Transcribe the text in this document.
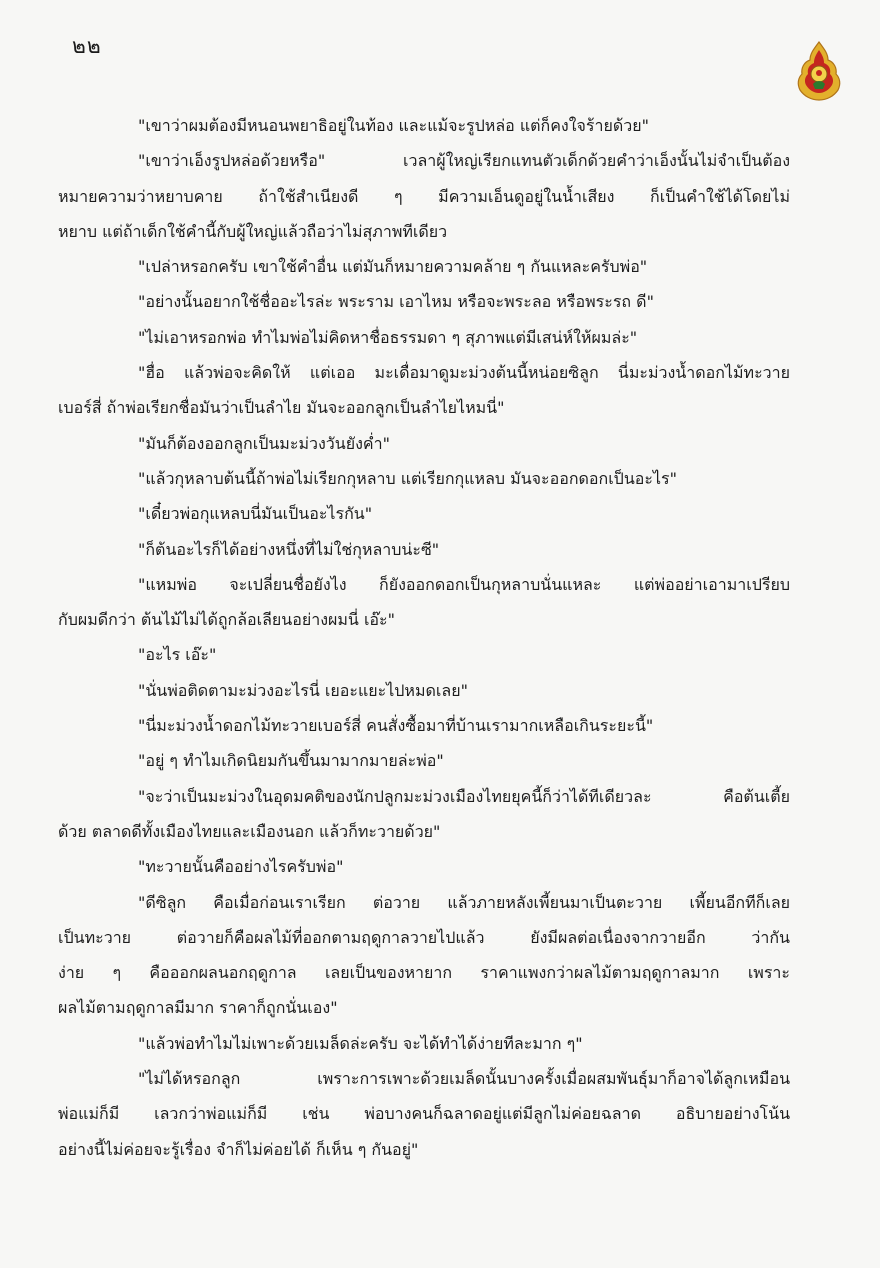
๒๒
"เขาว่าผมต้องมีหนอนพยาธิอยู่ในท้อง และแม้จะรูปหล่อ แต่ก็คงใจร้ายด้วย"
"เขาว่าเอ็งรูปหล่อด้วยหรือ" เวลาผู้ใหญ่เรียกแทนตัวเด็กด้วยคำว่าเอ็งนั้นไม่จำเป็นต้อง
หมายความว่าหยาบคาย ถ้าใช้สำเนียงดี ๆ มีความเอ็นดูอยู่ในน้ำเสียง ก็เป็นคำใช้ได้โดยไม่
หยาบ แต่ถ้าเด็กใช้คำนี้กับผู้ใหญ่แล้วถือว่าไม่สุภาพทีเดียว
"เปล่าหรอกครับ เขาใช้คำอื่น แต่มันก็หมายความคล้าย ๆ กันแหละครับพ่อ"
"อย่างนั้นอยากใช้ชื่ออะไรล่ะ พระราม เอาไหม หรือจะพระลอ หรือพระรถ ดี"
"ไม่เอาหรอกพ่อ ทำไมพ่อไม่คิดหาชื่อธรรมดา ๆ สุภาพแต่มีเสน่ห์ให้ผมล่ะ"
"ฮื่อ แล้วพ่อจะคิดให้ แต่เออ มะเดื่อมาดูมะม่วงต้นนี้หน่อยซิลูก นี่มะม่วงน้ำดอกไม้ทะวาย
เบอร์สี่ ถ้าพ่อเรียกชื่อมันว่าเป็นลำไย มันจะออกลูกเป็นลำไยไหมนี่"
"มันก็ต้องออกลูกเป็นมะม่วงวันยังค่ำ"
"แล้วกุหลาบต้นนี้ถ้าพ่อไม่เรียกกุหลาบ แต่เรียกกุแหลบ มันจะออกดอกเป็นอะไร"
"เดี๋ยวพ่อกุแหลบนี่มันเป็นอะไรกัน"
"ก็ต้นอะไรก็ได้อย่างหนึ่งที่ไม่ใช่กุหลาบน่ะซี"
"แหมพ่อ จะเปลี่ยนชื่อยังไง ก็ยังออกดอกเป็นกุหลาบนั่นแหละ แต่พ่ออย่าเอามาเปรียบ
กับผมดีกว่า ต้นไม้ไม่ได้ถูกล้อเลียนอย่างผมนี่ เอ๊ะ"
"อะไร เอ๊ะ"
"นั่นพ่อติดตามะม่วงอะไรนี่ เยอะแยะไปหมดเลย"
"นี่มะม่วงน้ำดอกไม้ทะวายเบอร์สี่ คนสั่งซื้อมาที่บ้านเรามากเหลือเกินระยะนี้"
"อยู่ ๆ ทำไมเกิดนิยมกันขึ้นมามากมายล่ะพ่อ"
"จะว่าเป็นมะม่วงในอุดมคติของนักปลูกมะม่วงเมืองไทยยุคนี้ก็ว่าได้ทีเดียวละ คือต้นเตี้ย
ด้วย ตลาดดีทั้งเมืองไทยและเมืองนอก แล้วก็ทะวายด้วย"
"ทะวายนั้นคืออย่างไรครับพ่อ"
"ดีซิลูก คือเมื่อก่อนเราเรียก ต่อวาย แล้วภายหลังเพี้ยนมาเป็นตะวาย เพี้ยนอีกทีก็เลย
เป็นทะวาย ต่อวายก็คือผลไม้ที่ออกตามฤดูกาลวายไปแล้ว ยังมีผลต่อเนื่องจากวายอีก ว่ากัน
ง่าย ๆ คือออกผลนอกฤดูกาล เลยเป็นของหายาก ราคาแพงกว่าผลไม้ตามฤดูกาลมาก เพราะ
ผลไม้ตามฤดูกาลมีมาก ราคาก็ถูกนั่นเอง"
"แล้วพ่อทำไมไม่เพาะด้วยเมล็ดล่ะครับ จะได้ทำได้ง่ายทีละมาก ๆ"
"ไม่ได้หรอกลูก เพราะการเพาะด้วยเมล็ดนั้นบางครั้งเมื่อผสมพันธุ์มาก็อาจได้ลูกเหมือน
พ่อแม่ก็มี เลวกว่าพ่อแม่ก็มี เช่น พ่อบางคนก็ฉลาดอยู่แต่มีลูกไม่ค่อยฉลาด อธิบายอย่างโน้น
อย่างนี้ไม่ค่อยจะรู้เรื่อง จำก็ไม่ค่อยได้ ก็เห็น ๆ กันอยู่"
